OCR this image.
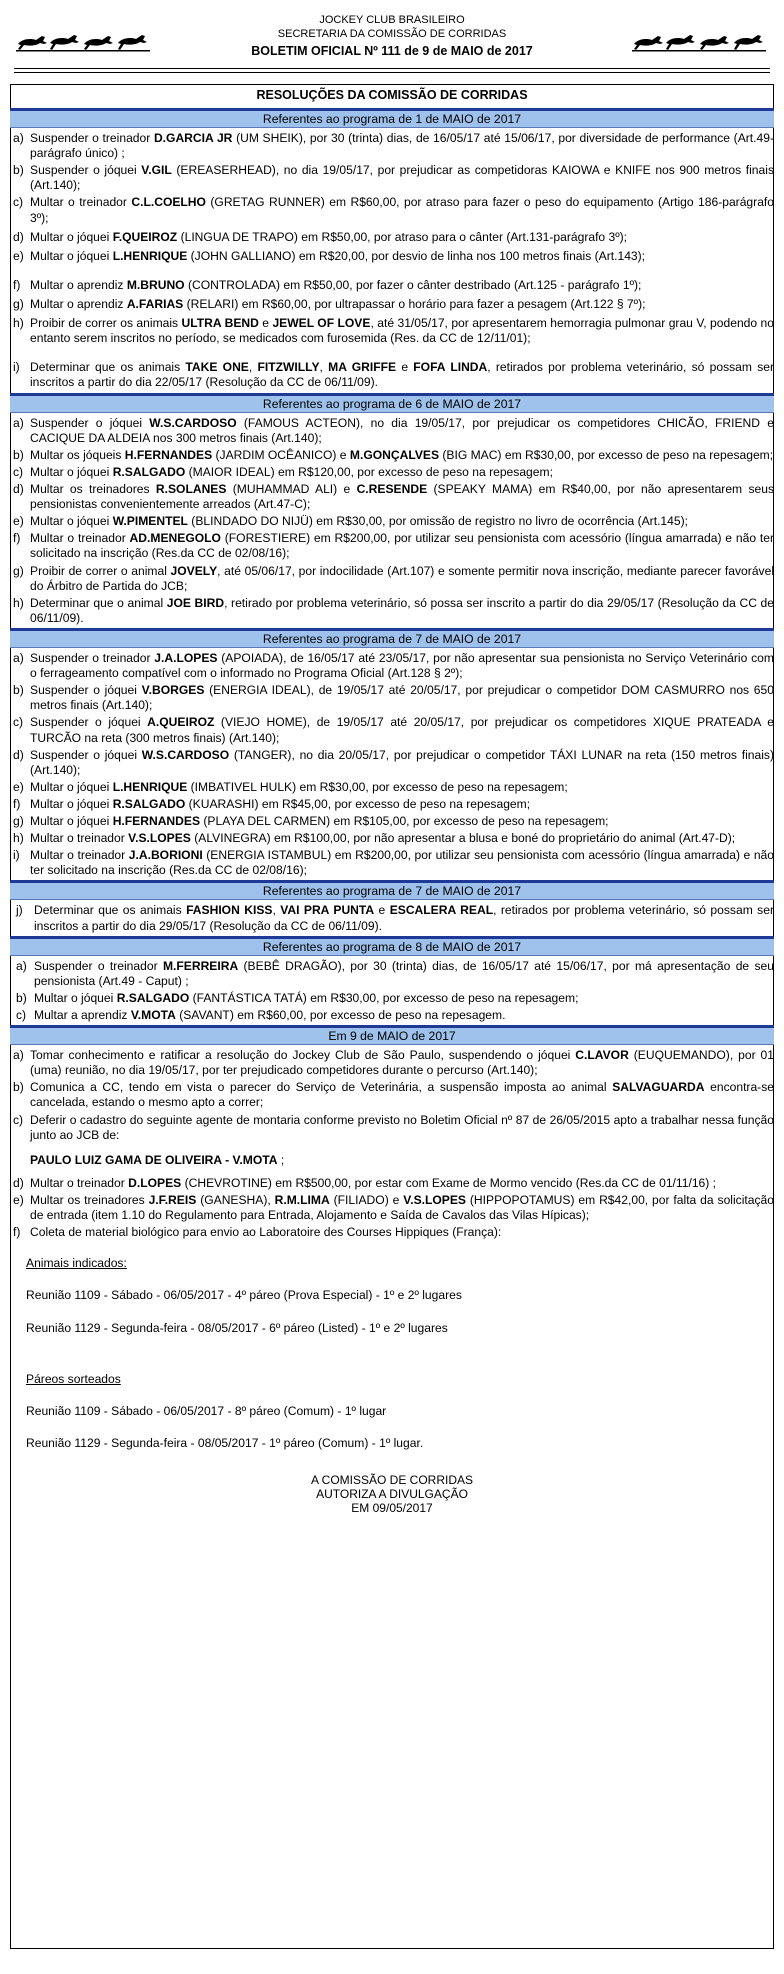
JOCKEY CLUB BRASILEIRO
SECRETARIA DA COMISSÃO DE CORRIDAS
BOLETIM OFICIAL Nº 111 de 9 de MAIO de 2017
RESOLUÇÕES DA COMISSÃO DE CORRIDAS
Referentes ao programa de 1 de MAIO de 2017
a) Suspender o treinador D.GARCIA JR (UM SHEIK), por 30 (trinta) dias, de 16/05/17 até 15/06/17, por diversidade de performance (Art.49-parágrafo único) ;
b) Suspender o jóquei V.GIL (EREASERHEAD), no dia 19/05/17, por prejudicar as competidoras KAIOWA e KNIFE nos 900 metros finais (Art.140);
c) Multar o treinador C.L.COELHO (GRETAG RUNNER) em R$60,00, por atraso para fazer o peso do equipamento (Artigo 186-parágrafo 3º);
d) Multar o jóquei F.QUEIROZ (LINGUA DE TRAPO) em R$50,00, por atraso para o cânter (Art.131-parágrafo 3º);
e) Multar o jóquei L.HENRIQUE (JOHN GALLIANO) em R$20,00, por desvio de linha nos 100 metros finais (Art.143);
f) Multar o aprendiz M.BRUNO (CONTROLADA) em R$50,00, por fazer o cânter destribado (Art.125 - parágrafo 1º);
g) Multar o aprendiz A.FARIAS (RELARI) em R$60,00, por ultrapassar o horário para fazer a pesagem (Art.122 § 7º);
h) Proibir de correr os animais ULTRA BEND e JEWEL OF LOVE, até 31/05/17, por apresentarem hemorragia pulmonar grau V, podendo no entanto serem inscritos no período, se medicados com furosemida (Res. da CC de 12/11/01);
i) Determinar que os animais TAKE ONE, FITZWILLY, MA GRIFFE e FOFA LINDA, retirados por problema veterinário, só possam ser inscritos a partir do dia 22/05/17 (Resolução da CC de 06/11/09).
Referentes ao programa de 6 de MAIO de 2017
a) Suspender o jóquei W.S.CARDOSO (FAMOUS ACTEON), no dia 19/05/17, por prejudicar os competidores CHICÃO, FRIEND e CACIQUE DA ALDEIA nos 300 metros finais (Art.140);
b) Multar os jóqueis H.FERNANDES (JARDIM OCÊANICO) e M.GONÇALVES (BIG MAC) em R$30,00, por excesso de peso na repesagem;
c) Multar o jóquei R.SALGADO (MAIOR IDEAL) em R$120,00, por excesso de peso na repesagem;
d) Multar os treinadores R.SOLANES (MUHAMMAD ALI) e C.RESENDE (SPEAKY MAMA) em R$40,00, por não apresentarem seus pensionistas convenientemente arreados (Art.47-C);
e) Multar o jóquei W.PIMENTEL (BLINDADO DO NIJÜ) em R$30,00, por omissão de registro no livro de ocorrência (Art.145);
f) Multar o treinador AD.MENEGOLO (FORESTIERE) em R$200,00, por utilizar seu pensionista com acessório (língua amarrada) e não ter solicitado na inscrição (Res.da CC de 02/08/16);
g) Proibir de correr o animal JOVELY, até 05/06/17, por indocilidade (Art.107) e somente permitir nova inscrição, mediante parecer favorável do Árbitro de Partida do JCB;
h) Determinar que o animal JOE BIRD, retirado por problema veterinário, só possa ser inscrito a partir do dia 29/05/17 (Resolução da CC de 06/11/09).
Referentes ao programa de 7 de MAIO de 2017
a) Suspender o treinador J.A.LOPES (APOIADA), de 16/05/17 até 23/05/17, por não apresentar sua pensionista no Serviço Veterinário com o ferrageamento compatível com o informado no Programa Oficial (Art.128 § 2º);
b) Suspender o jóquei V.BORGES (ENERGIA IDEAL), de 19/05/17 até 20/05/17, por prejudicar o competidor DOM CASMURRO nos 650 metros finais (Art.140);
c) Suspender o jóquei A.QUEIROZ (VIEJO HOME), de 19/05/17 até 20/05/17, por prejudicar os competidores XIQUE PRATEADA e TURCÃO na reta (300 metros finais) (Art.140);
d) Suspender o jóquei W.S.CARDOSO (TANGER), no dia 20/05/17, por prejudicar o competidor TÁXI LUNAR na reta (150 metros finais) (Art.140);
e) Multar o jóquei L.HENRIQUE (IMBATIVEL HULK) em R$30,00, por excesso de peso na repesagem;
f) Multar o jóquei R.SALGADO (KUARASHI) em R$45,00, por excesso de peso na repesagem;
g) Multar o jóquei H.FERNANDES (PLAYA DEL CARMEN) em R$105,00, por excesso de peso na repesagem;
h) Multar o treinador V.S.LOPES (ALVINEGRA) em R$100,00, por não apresentar a blusa e boné do proprietário do animal (Art.47-D);
i) Multar o treinador J.A.BORIONI (ENERGIA ISTAMBUL) em R$200,00, por utilizar seu pensionista com acessório (língua amarrada) e não ter solicitado na inscrição (Res.da CC de 02/08/16);
Referentes ao programa de 7 de MAIO de 2017
j) Determinar que os animais FASHION KISS, VAI PRA PUNTA e ESCALERA REAL, retirados por problema veterinário, só possam ser inscritos a partir do dia 29/05/17 (Resolução da CC de 06/11/09).
Referentes ao programa de 8 de MAIO de 2017
a) Suspender o treinador M.FERREIRA (BEBÊ DRAGÃO), por 30 (trinta) dias, de 16/05/17 até 15/06/17, por má apresentação de seu pensionista (Art.49 - Caput) ;
b) Multar o jóquei R.SALGADO (FANTÁSTICA TATÁ) em R$30,00, por excesso de peso na repesagem;
c) Multar a aprendiz V.MOTA (SAVANT) em R$60,00, por excesso de peso na repesagem.
Em 9 de MAIO de 2017
a) Tomar conhecimento e ratificar a resolução do Jockey Club de São Paulo, suspendendo o jóquei C.LAVOR (EUQUEMANDO), por 01 (uma) reunião, no dia 19/05/17, por ter prejudicado competidores durante o percurso (Art.140);
b) Comunica a CC, tendo em vista o parecer do Serviço de Veterinária, a suspensão imposta ao animal SALVAGUARDA encontra-se cancelada, estando o mesmo apto a correr;
c) Deferir o cadastro do seguinte agente de montaria conforme previsto no Boletim Oficial nº 87 de 26/05/2015 apto a trabalhar nessa função junto ao JCB de:
PAULO LUIZ GAMA DE OLIVEIRA - V.MOTA ;
d) Multar o treinador D.LOPES (CHEVROTINE) em R$500,00, por estar com Exame de Mormo vencido (Res.da CC de 01/11/16) ;
e) Multar os treinadores J.F.REIS (GANESHA), R.M.LIMA (FILIADO) e V.S.LOPES (HIPPOPOTAMUS) em R$42,00, por falta da solicitação de entrada (item 1.10 do Regulamento para Entrada, Alojamento e Saída de Cavalos das Vilas Hípicas);
f) Coleta de material biológico para envio ao Laboratoire des Courses Hippiques (França):
Animais indicados:
Reunião 1109 - Sábado - 06/05/2017 - 4º páreo (Prova Especial) - 1º e 2º lugares
Reunião 1129 - Segunda-feira - 08/05/2017 - 6º páreo (Listed) - 1º e 2º lugares
Páreos sorteados
Reunião 1109 - Sábado - 06/05/2017 - 8º páreo (Comum) - 1º lugar
Reunião 1129 - Segunda-feira - 08/05/2017 - 1º páreo (Comum) - 1º lugar.
A COMISSÃO DE CORRIDAS
AUTORIZA A DIVULGAÇÃO
EM 09/05/2017
